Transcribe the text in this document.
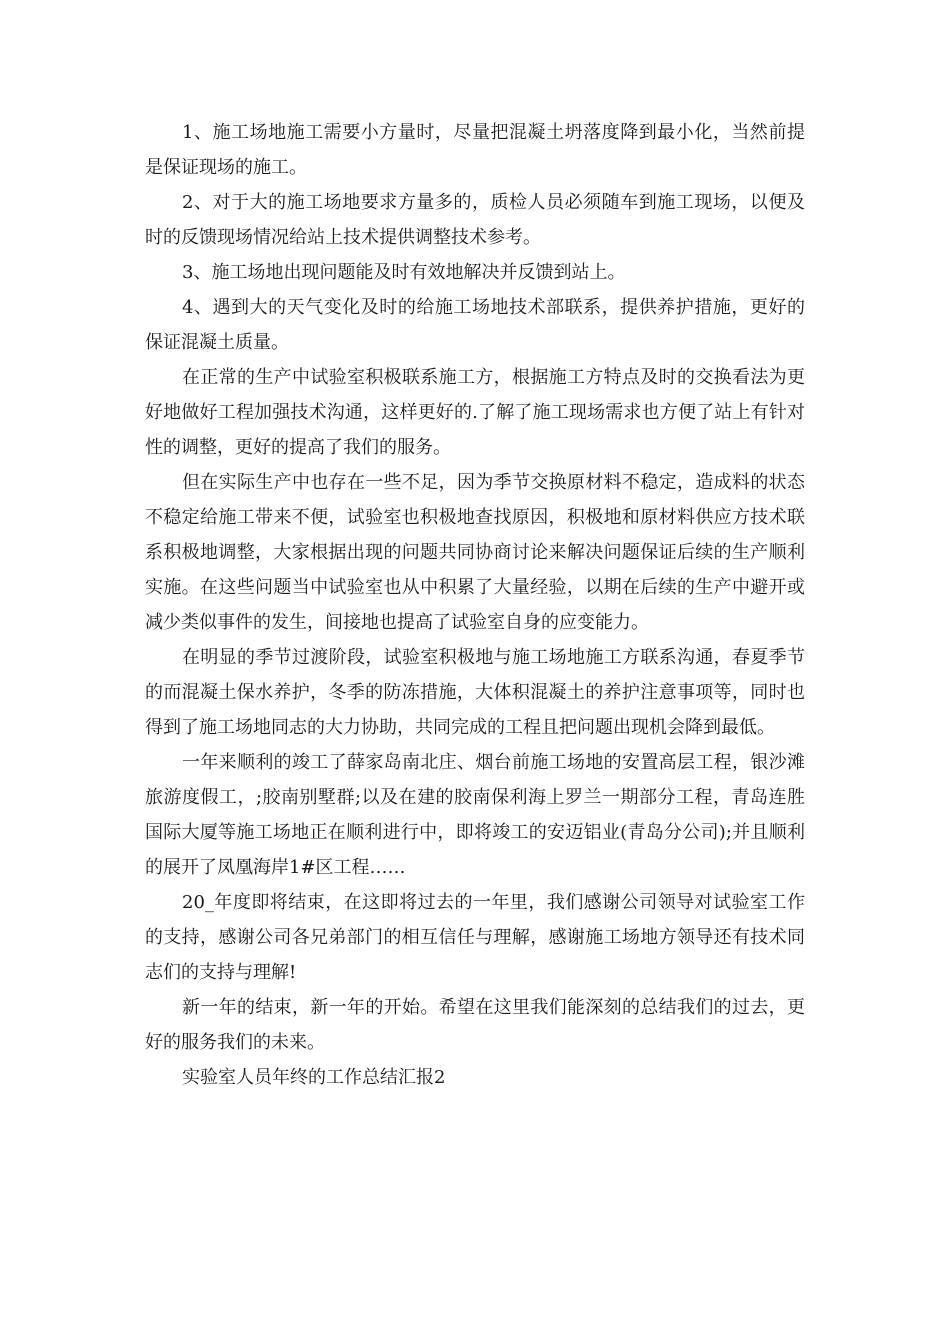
1、施工场地施工需要小方量时，尽量把混凝土坍落度降到最小化，当然前提是保证现场的施工。

2、对于大的施工场地要求方量多的，质检人员必须随车到施工现场，以便及时的反馈现场情况给站上技术提供调整技术参考。

3、施工场地出现问题能及时有效地解决并反馈到站上。

4、遇到大的天气变化及时的给施工场地技术部联系，提供养护措施，更好的保证混凝土质量。

在正常的生产中试验室积极联系施工方，根据施工方特点及时的交换看法为更好地做好工程加强技术沟通，这样更好的.了解了施工现场需求也方便了站上有针对性的调整，更好的提高了我们的服务。

但在实际生产中也存在一些不足，因为季节交换原材料不稳定，造成料的状态不稳定给施工带来不便，试验室也积极地查找原因，积极地和原材料供应方技术联系积极地调整，大家根据出现的问题共同协商讨论来解决问题保证后续的生产顺利实施。在这些问题当中试验室也从中积累了大量经验，以期在后续的生产中避开或减少类似事件的发生，间接地也提高了试验室自身的应变能力。

在明显的季节过渡阶段，试验室积极地与施工场地施工方联系沟通，春夏季节的而混凝土保水养护，冬季的防冻措施，大体积混凝土的养护注意事项等，同时也得到了施工场地同志的大力协助，共同完成的工程且把问题出现机会降到最低。

一年来顺利的竣工了薛家岛南北庄、烟台前施工场地的安置高层工程，银沙滩旅游度假工，;胶南别墅群;以及在建的胶南保利海上罗兰一期部分工程，青岛连胜国际大厦等施工场地正在顺利进行中，即将竣工的安迈铝业(青岛分公司);并且顺利的展开了凤凰海岸1#区工程……

20_年度即将结束，在这即将过去的一年里，我们感谢公司领导对试验室工作的支持，感谢公司各兄弟部门的相互信任与理解，感谢施工场地方领导还有技术同志们的支持与理解!

新一年的结束，新一年的开始。希望在这里我们能深刻的总结我们的过去，更好的服务我们的未来。

实验室人员年终的工作总结汇报2
